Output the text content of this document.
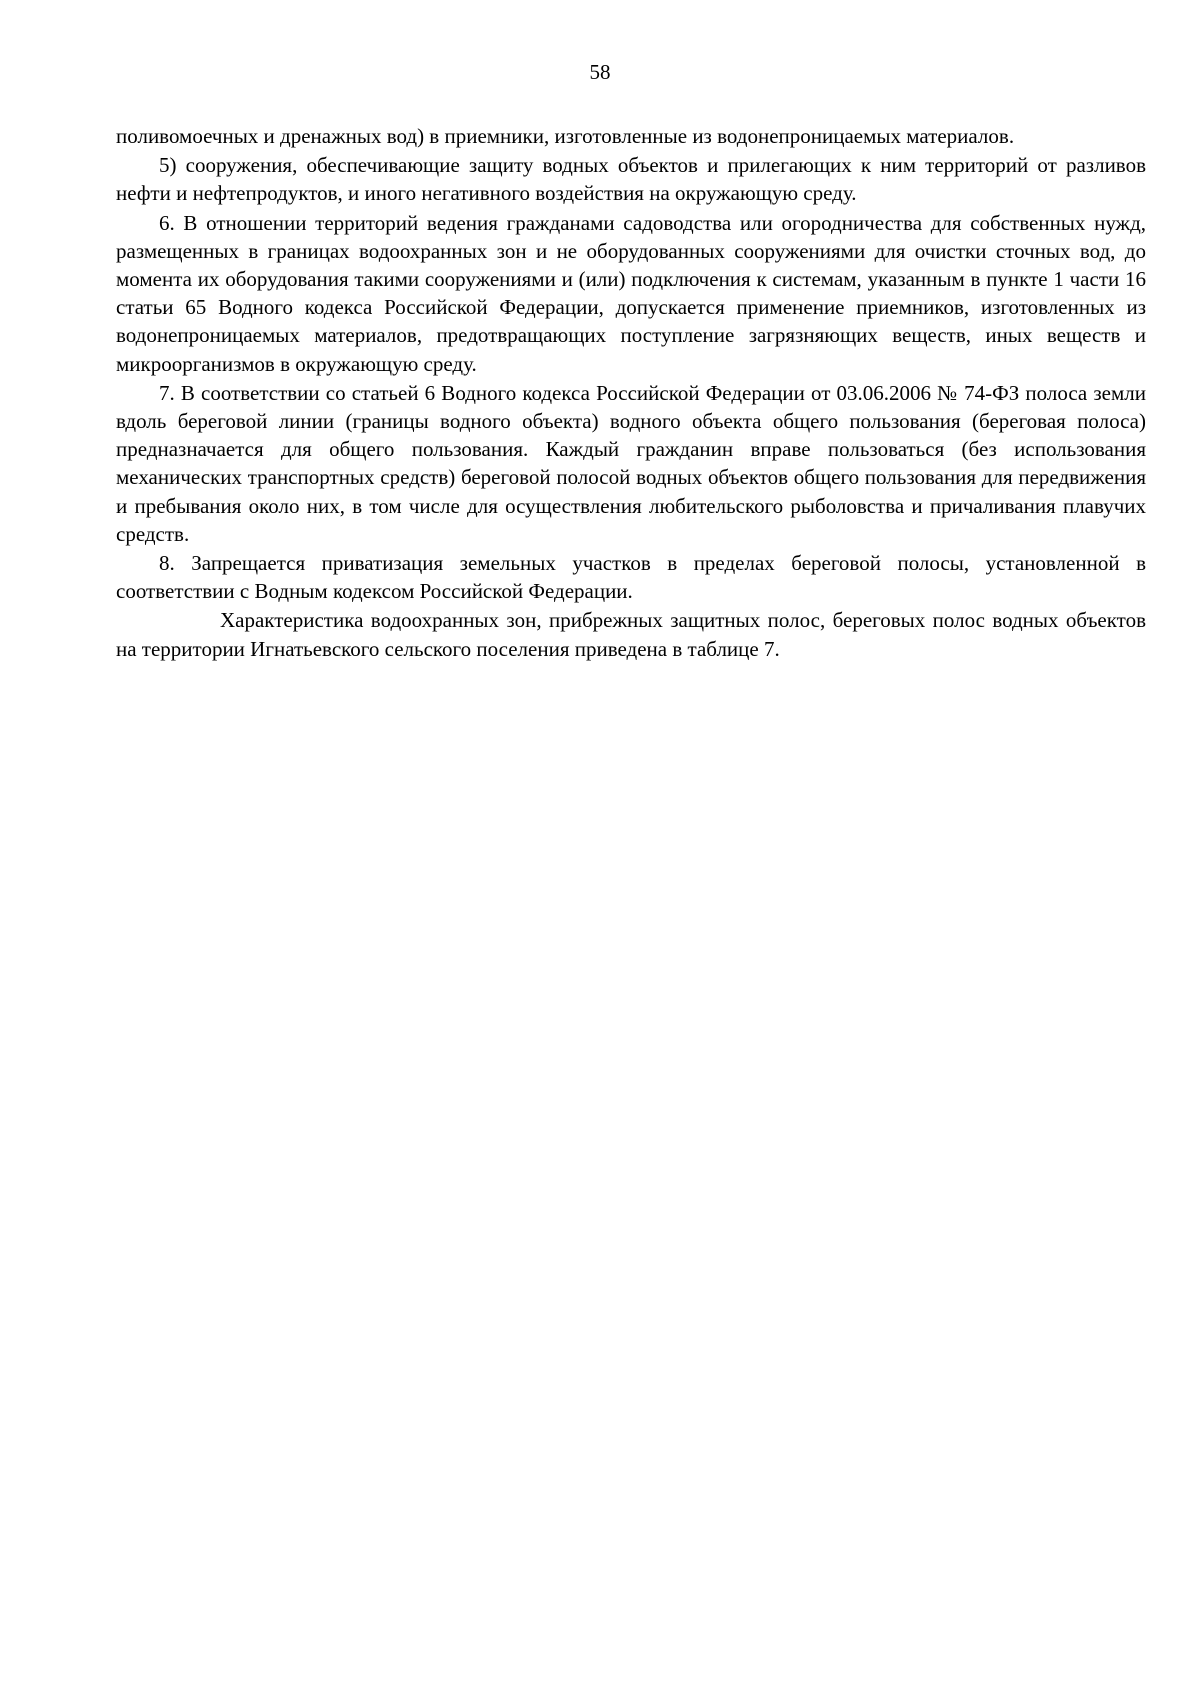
58

поливомоечных и дренажных вод) в приемники, изготовленные из водонепроницаемых материалов.

5) сооружения, обеспечивающие защиту водных объектов и прилегающих к ним территорий от разливов нефти и нефтепродуктов, и иного негативного воздействия на окружающую среду.

6. В отношении территорий ведения гражданами садоводства или огородничества для собственных нужд, размещенных в границах водоохранных зон и не оборудованных сооружениями для очистки сточных вод, до момента их оборудования такими сооружениями и (или) подключения к системам, указанным в пункте 1 части 16 статьи 65 Водного кодекса Российской Федерации, допускается применение приемников, изготовленных из водонепроницаемых материалов, предотвращающих поступление загрязняющих веществ, иных веществ и микроорганизмов в окружающую среду.

7. В соответствии со статьей 6 Водного кодекса Российской Федерации от 03.06.2006 № 74-ФЗ полоса земли вдоль береговой линии (границы водного объекта) водного объекта общего пользования (береговая полоса) предназначается для общего пользования. Каждый гражданин вправе пользоваться (без использования механических транспортных средств) береговой полосой водных объектов общего пользования для передвижения и пребывания около них, в том числе для осуществления любительского рыболовства и причаливания плавучих средств.

8. Запрещается приватизация земельных участков в пределах береговой полосы, установленной в соответствии с Водным кодексом Российской Федерации.

Характеристика водоохранных зон, прибрежных защитных полос, береговых полос водных объектов на территории Игнатьевского сельского поселения приведена в таблице 7.
